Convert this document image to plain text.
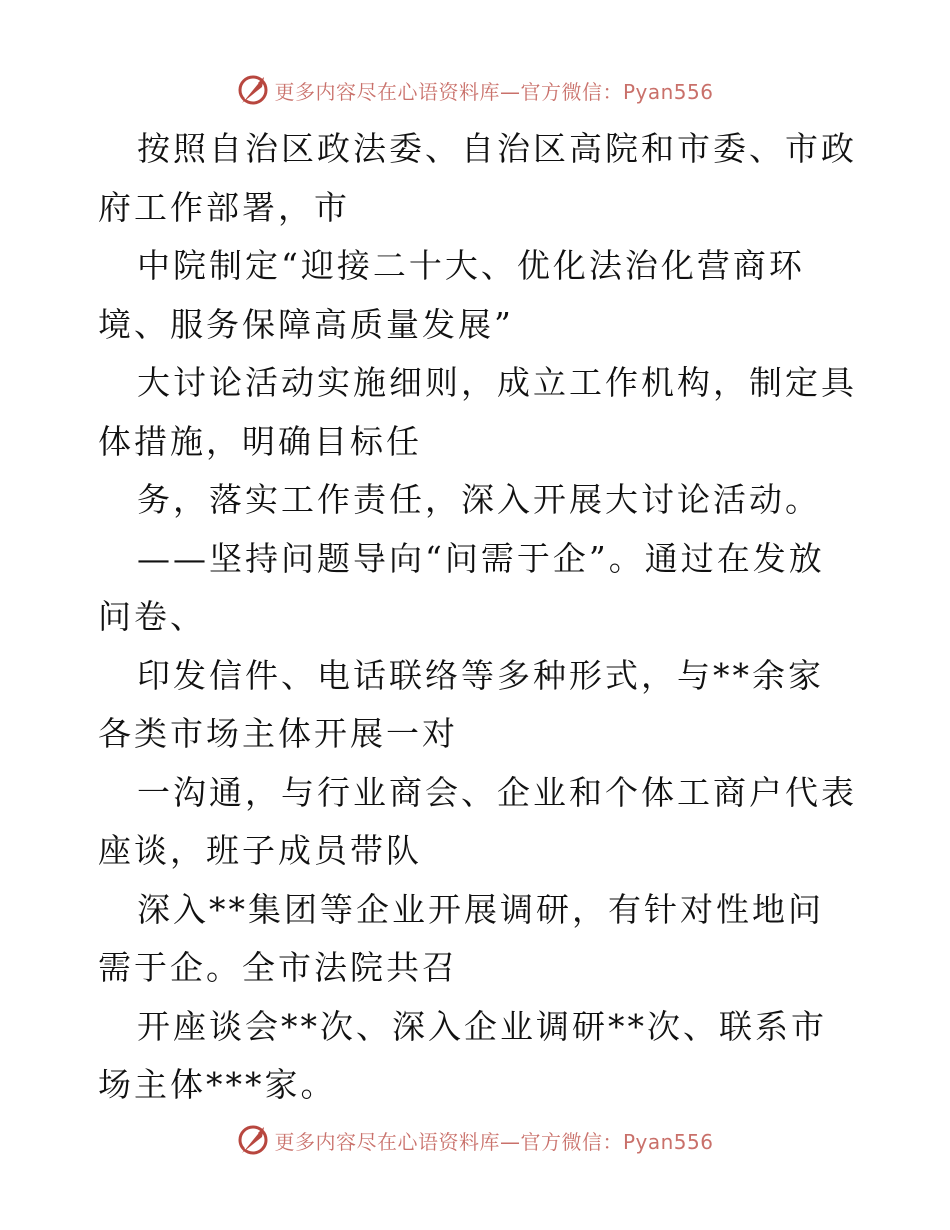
更多内容尽在心语资料库—官方微信：Pyan556

按照自治区政法委、自治区高院和市委、市政府工作部署，市

中院制定“迎接二十大、优化法治化营商环境、服务保障高质量发展”

大讨论活动实施细则，成立工作机构，制定具体措施，明确目标任

务，落实工作责任，深入开展大讨论活动。

——坚持问题导向“问需于企”。通过在发放问卷、

印发信件、电话联络等多种形式，与**余家各类市场主体开展一对

一沟通，与行业商会、企业和个体工商户代表座谈，班子成员带队

深入**集团等企业开展调研，有针对性地问需于企。全市法院共召

开座谈会**次、深入企业调研**次、联系市场主体***家。

更多内容尽在心语资料库—官方微信：Pyan556
